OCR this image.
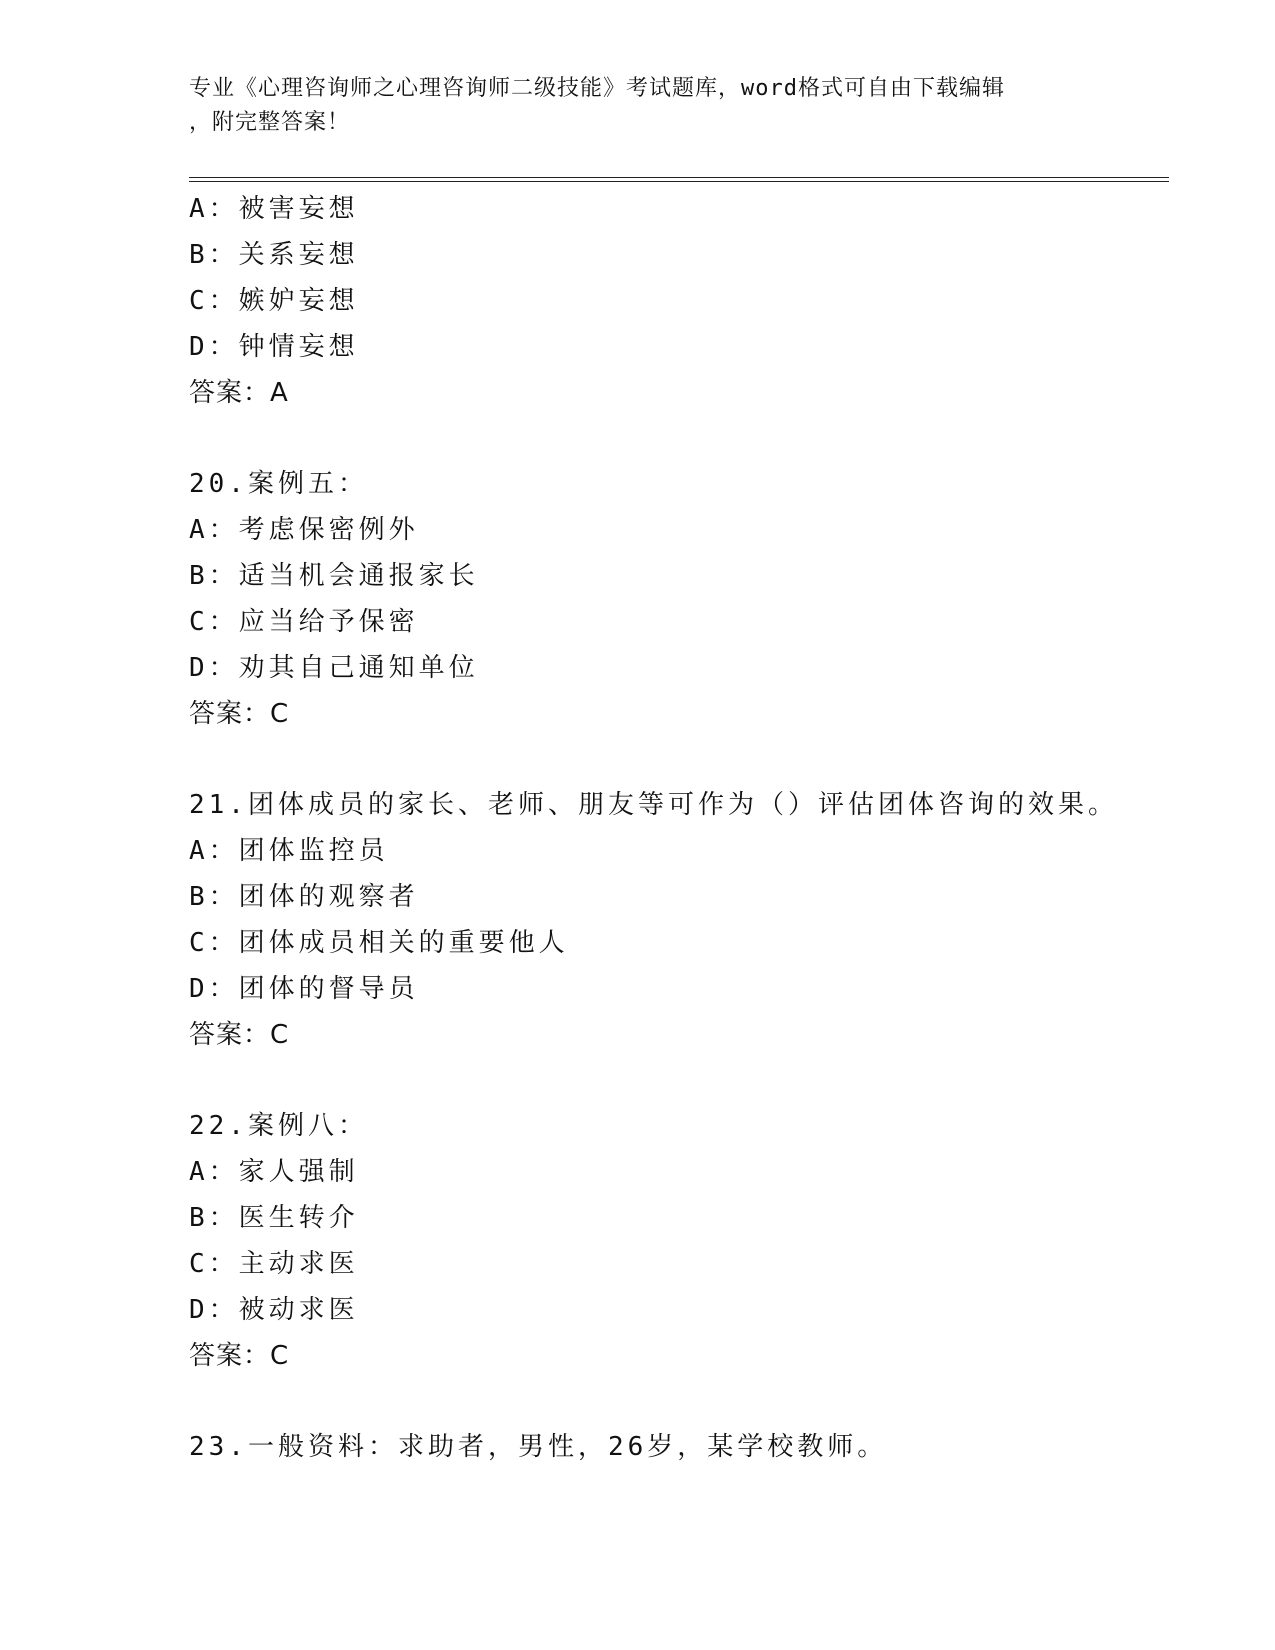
专业《心理咨询师之心理咨询师二级技能》考试题库，word格式可自由下载编辑
，附完整答案！
A：被害妄想
B：关系妄想
C：嫉妒妄想
D：钟情妄想
答案：A
20.案例五：
A：考虑保密例外
B：适当机会通报家长
C：应当给予保密
D：劝其自己通知单位
答案：C
21.团体成员的家长、老师、朋友等可作为（）评估团体咨询的效果。
A：团体监控员
B：团体的观察者
C：团体成员相关的重要他人
D：团体的督导员
答案：C
22.案例八：
A：家人强制
B：医生转介
C：主动求医
D：被动求医
答案：C
23.一般资料：求助者，男性，26岁，某学校教师。
